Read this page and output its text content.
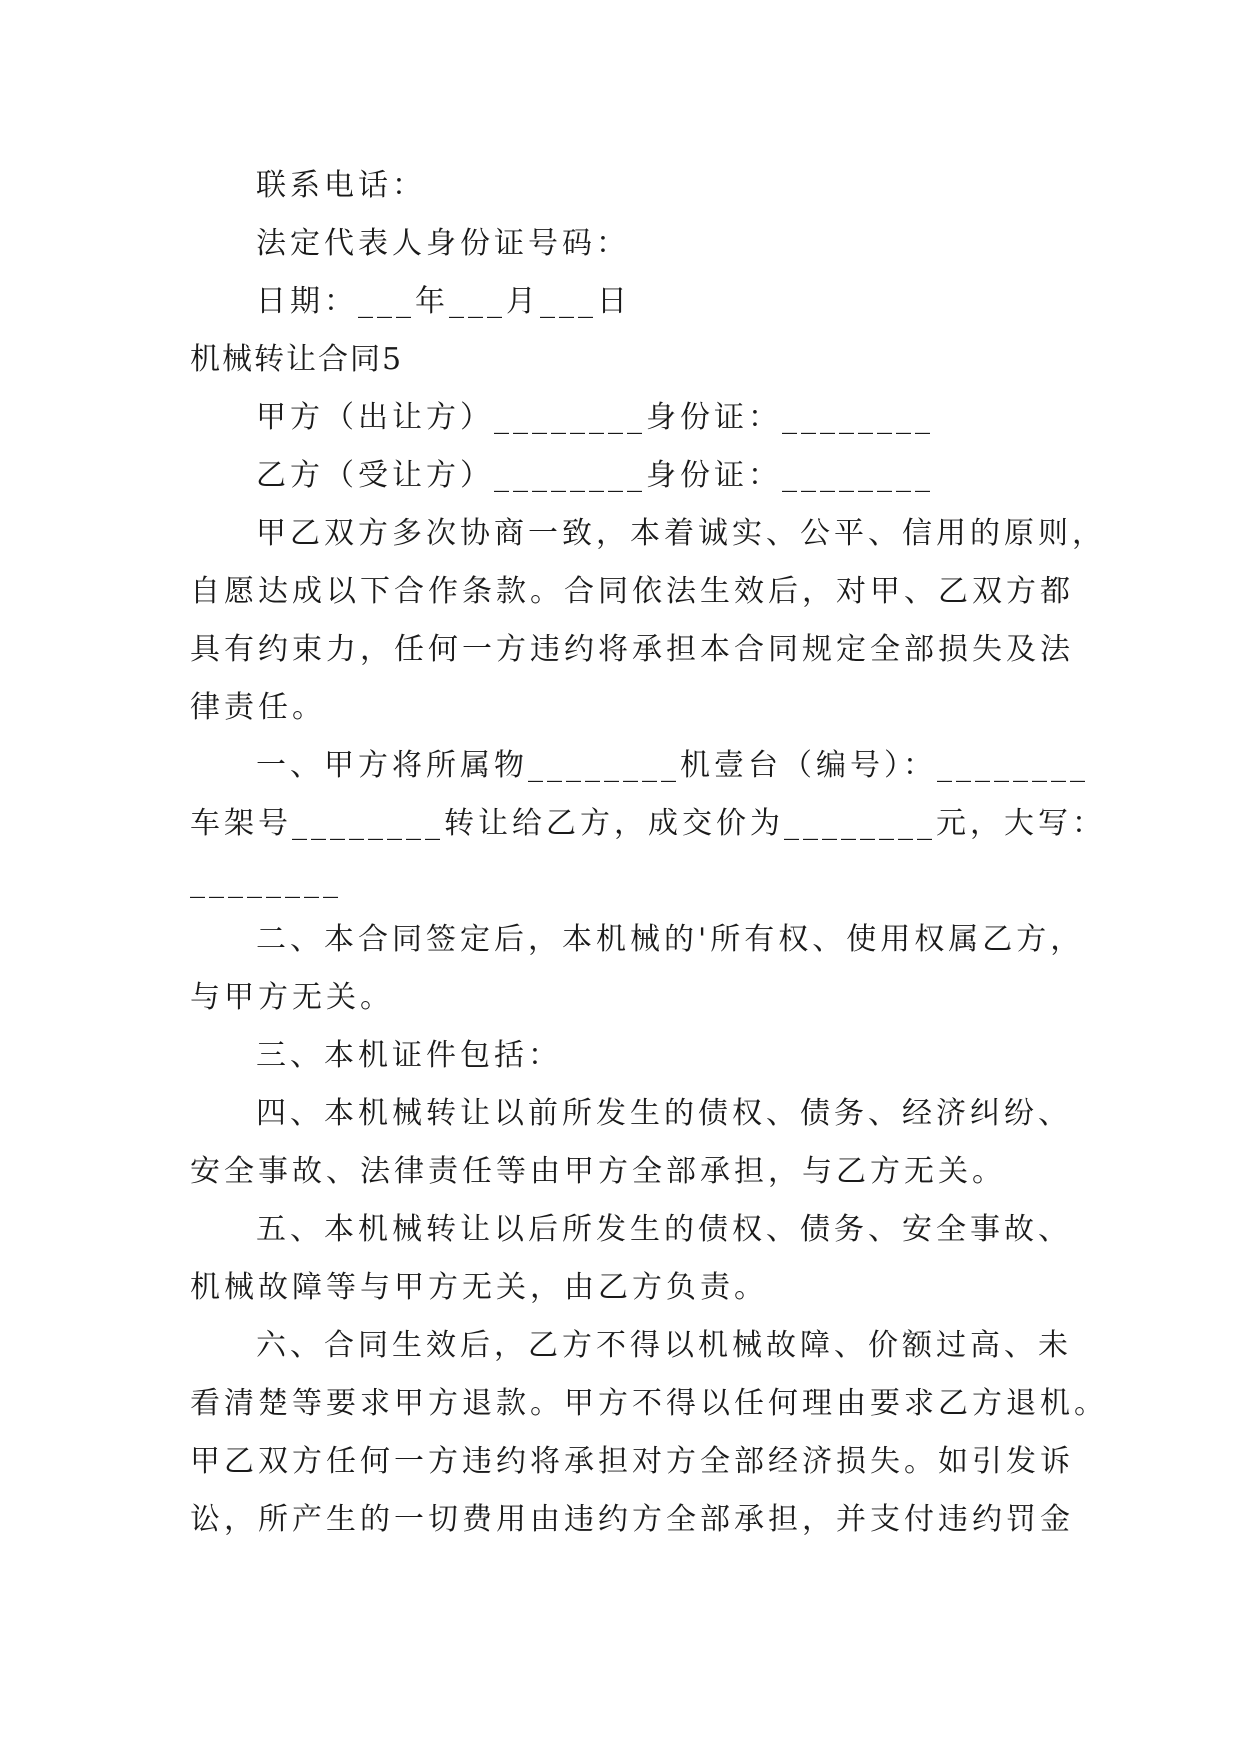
联系电话：
法定代表人身份证号码：
日期：___年___月___日
机械转让合同5
甲方（出让方）________身份证：________
乙方（受让方）________身份证：________
甲乙双方多次协商一致，本着诚实、公平、信用的原则，
自愿达成以下合作条款。合同依法生效后，对甲、乙双方都
具有约束力，任何一方违约将承担本合同规定全部损失及法
律责任。
一、甲方将所属物________机壹台（编号）：________
车架号________转让给乙方，成交价为________元，大写：
________
二、本合同签定后，本机械的'所有权、使用权属乙方，
与甲方无关。
三、本机证件包括：
四、本机械转让以前所发生的债权、债务、经济纠纷、
安全事故、法律责任等由甲方全部承担，与乙方无关。
五、本机械转让以后所发生的债权、债务、安全事故、
机械故障等与甲方无关，由乙方负责。
六、合同生效后，乙方不得以机械故障、价额过高、未
看清楚等要求甲方退款。甲方不得以任何理由要求乙方退机。
甲乙双方任何一方违约将承担对方全部经济损失。如引发诉
讼，所产生的一切费用由违约方全部承担，并支付违约罚金
